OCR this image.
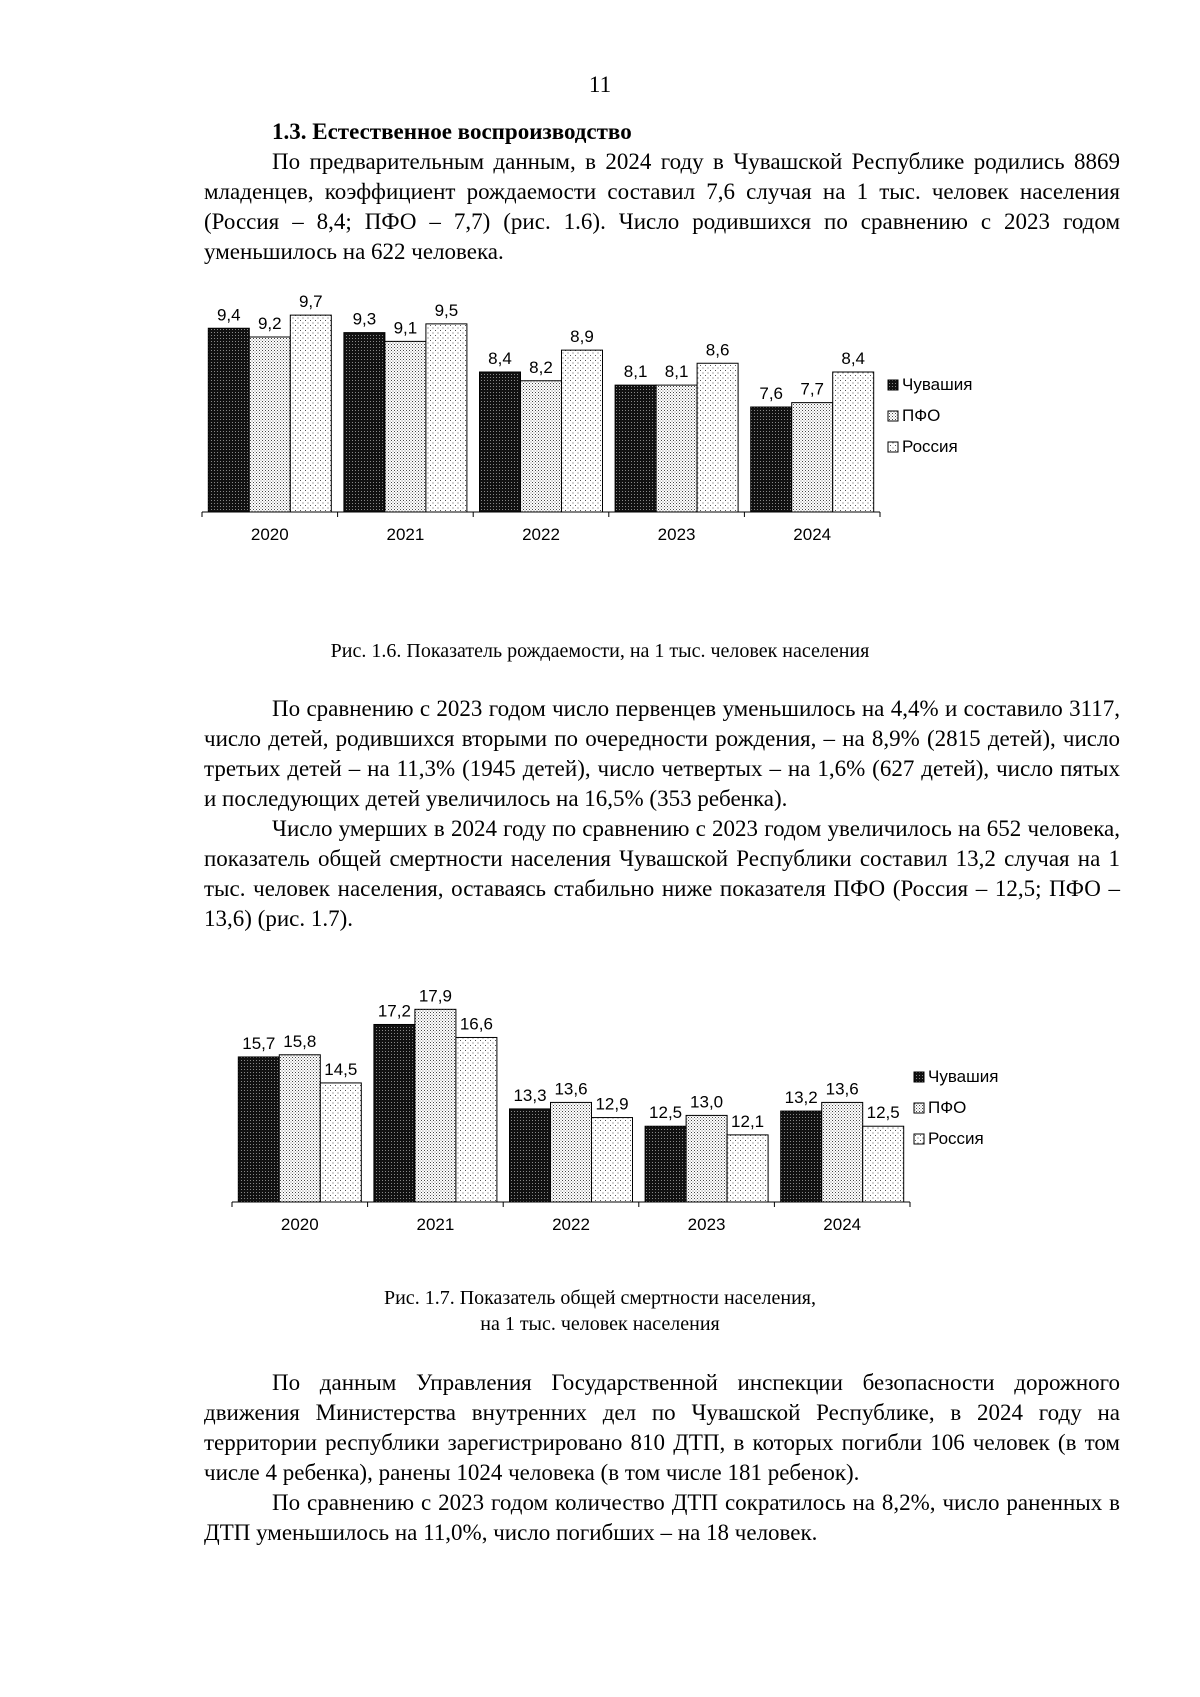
11
1.3. Естественное воспроизводство

По предварительным данным, в 2024 году в Чувашской Республике родились 8869 младенцев, коэффициент рождаемости составил 7,6 случая на 1 тыс. человек населения (Россия – 8,4; ПФО – 7,7) (рис. 1.6). Число родившихся по сравнению с 2023 годом уменьшилось на 622 человека.

9,4 9,2
9,7
2020
9,3 9,1
9,5
2021
8,4 8,2
8,9
2022
8,1 8,1
8,6
2023
7,6 7,7
8,4
2024
Чувашия
ПФО
Россия
Рис. 1.6. Показатель рождаемости, на 1 тыс. человек населения

По сравнению с 2023 годом число первенцев уменьшилось на 4,4% и составило 3117, число детей, родившихся вторыми по очередности рождения, – на 8,9% (2815 детей), число третьих детей – на 11,3% (1945 детей), число четвертых – на 1,6% (627 детей), число пятых и последующих детей увеличилось на 16,5% (353 ребенка).

Число умерших в 2024 году по сравнению с 2023 годом увеличилось на 652 человека, показатель общей смертности населения Чувашской Республики составил 13,2 случая на 1 тыс. человек населения, оставаясь стабильно ниже показателя ПФО (Россия – 12,5; ПФО – 13,6) (рис. 1.7).

15,7 15,8
14,5
2020
17,2
17,9
16,6
2021
13,3 13,6
12,9
2022
12,5
13,0
12,1
2023
13,2 13,6
12,5
2024
Чувашия
ПФО
Россия
Рис. 1.7. Показатель общей смертности населения,
на 1 тыс. человек населения

По данным Управления Государственной инспекции безопасности дорожного движения Министерства внутренних дел по Чувашской Республике, в 2024 году на территории республики зарегистрировано 810 ДТП, в которых погибли 106 человек (в том числе 4 ребенка), ранены 1024 человека (в том числе 181 ребенок).

По сравнению с 2023 годом количество ДТП сократилось на 8,2%, число раненных в ДТП уменьшилось на 11,0%, число погибших – на 18 человек.
